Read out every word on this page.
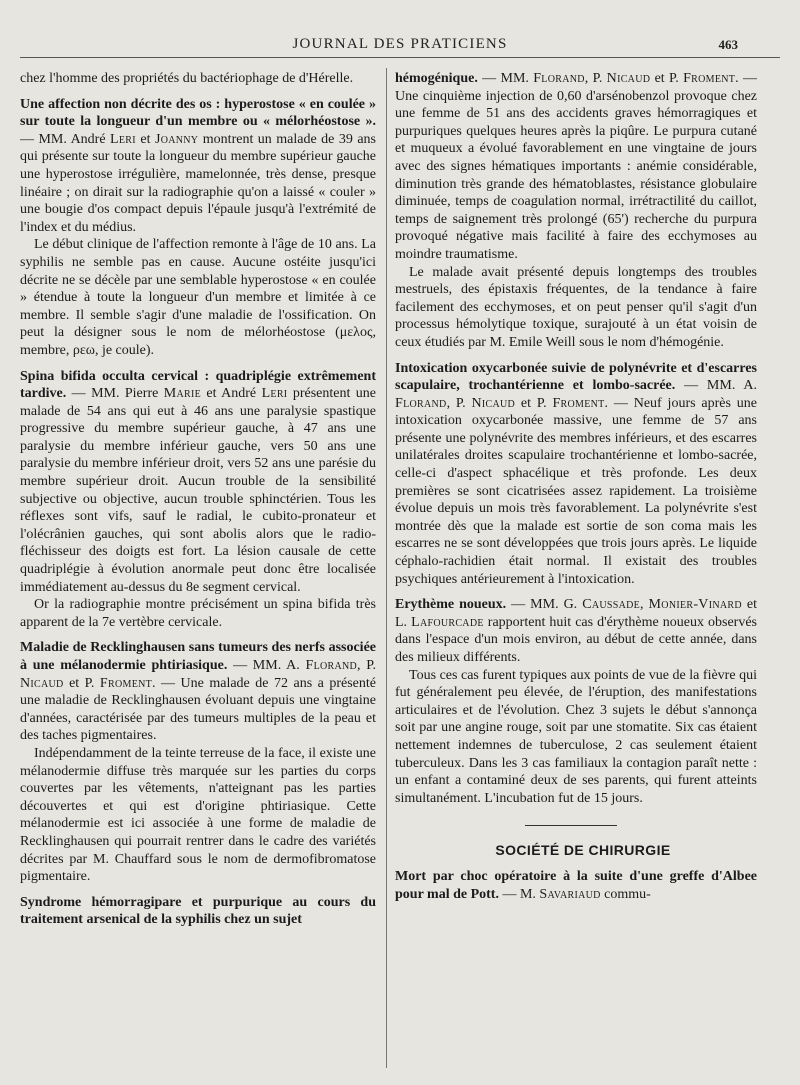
JOURNAL DES PRATICIENS	463

chez l'homme des propriétés du bactériophage de d'Hérelle.

Une affection non décrite des os : hyperostose « en coulée » sur toute la longueur d'un membre ou « mélorhéostose ». — MM. André Leri et Joanny montrent un malade de 39 ans qui présente sur toute la longueur du membre supérieur gauche une hyperostose irrégulière, mamelonnée, très dense, presque linéaire ; on dirait sur la radiographie qu'on a laissé « couler » une bougie d'os compact depuis l'épaule jusqu'à l'extrémité de l'index et du médius.

Le début clinique de l'affection remonte à l'âge de 10 ans. La syphilis ne semble pas en cause. Aucune ostéite jusqu'ici décrite ne se décèle par une semblable hyperostose « en coulée » étendue à toute la longueur d'un membre et limitée à ce membre. Il semble s'agir d'une maladie de l'ossification. On peut la désigner sous le nom de mélorhéostose (μελος, membre, ρεω, je coule).

Spina bifida occulta cervical : quadriplégie extrêmement tardive. — MM. Pierre Marie et André Leri présentent une malade de 54 ans qui eut à 46 ans une paralysie spastique progressive du membre supérieur gauche, à 47 ans une paralysie du membre inférieur gauche, vers 50 ans une paralysie du membre inférieur droit, vers 52 ans une parésie du membre supérieur droit. Aucun trouble de la sensibilité subjective ou objective, aucun trouble sphinctérien. Tous les réflexes sont vifs, sauf le radial, le cubito-pronateur et l'olécrânien gauches, qui sont abolis alors que le radio-fléchisseur des doigts est fort. La lésion causale de cette quadriplégie à évolution anormale peut donc être localisée immédiatement au-dessus du 8e segment cervical.

Or la radiographie montre précisément un spina bifida très apparent de la 7e vertèbre cervicale.

Maladie de Recklinghausen sans tumeurs des nerfs associée à une mélanodermie phtiriasique. — MM. A. Florand, P. Nicaud et P. Froment. — Une malade de 72 ans a présenté une maladie de Recklinghausen évoluant depuis une vingtaine d'années, caractérisée par des tumeurs multiples de la peau et des taches pigmentaires.

Indépendamment de la teinte terreuse de la face, il existe une mélanodermie diffuse très marquée sur les parties du corps couvertes par les vêtements, n'atteignant pas les parties découvertes et qui est d'origine phtiriasique. Cette mélanodermie est ici associée à une forme de maladie de Recklinghausen qui pourrait rentrer dans le cadre des variétés décrites par M. Chauffard sous le nom de dermofibromatose pigmentaire.

Syndrome hémorragipare et purpurique au cours du traitement arsenical de la syphilis chez un sujet

hémogénique. — MM. Florand, P. Nicaud et P. Froment. — Une cinquième injection de 0,60 d'arsénobenzol provoque chez une femme de 51 ans des accidents graves hémorragiques et purpuriques quelques heures après la piqûre. Le purpura cutané et muqueux a évolué favorablement en une vingtaine de jours avec des signes hématiques importants : anémie considérable, diminution très grande des hématoblastes, résistance globulaire diminuée, temps de coagulation normal, irrétractilité du caillot, temps de saignement très prolongé (65') recherche du purpura provoqué négative mais facilité à faire des ecchymoses au moindre traumatisme.

Le malade avait présenté depuis longtemps des troubles mestruels, des épistaxis fréquentes, de la tendance à faire facilement des ecchymoses, et on peut penser qu'il s'agit d'un processus hémolytique toxique, surajouté à un état voisin de ceux étudiés par M. Emile Weill sous le nom d'hémogénie.

Intoxication oxycarbonée suivie de polynévrite et d'escarres scapulaire, trochantérienne et lombo-sacrée. — MM. A. Florand, P. Nicaud et P. Froment. — Neuf jours après une intoxication oxycarbonée massive, une femme de 57 ans présente une polynévrite des membres inférieurs, et des escarres unilatérales droites scapulaire trochantérienne et lombo-sacrée, celle-ci d'aspect sphacélique et très profonde. Les deux premières se sont cicatrisées assez rapidement. La troisième évolue depuis un mois très favorablement. La polynévrite s'est montrée dès que la malade est sortie de son coma mais les escarres ne se sont développées que trois jours après. Le liquide céphalo-rachidien était normal. Il existait des troubles psychiques antérieurement à l'intoxication.

Erythème noueux. — MM. G. Caussade, Monier-Vinard et L. Lafourcade rapportent huit cas d'érythème noueux observés dans l'espace d'un mois environ, au début de cette année, dans des milieux différents.

Tous ces cas furent typiques aux points de vue de la fièvre qui fut généralement peu élevée, de l'éruption, des manifestations articulaires et de l'évolution. Chez 3 sujets le début s'annonça soit par une angine rouge, soit par une stomatite. Six cas étaient nettement indemnes de tuberculose, 2 cas seulement étaient tuberculeux. Dans les 3 cas familiaux la contagion paraît nette : un enfant a contaminé deux de ses parents, qui furent atteints simultanément. L'incubation fut de 15 jours.

SOCIÉTÉ DE CHIRURGIE

Mort par choc opératoire à la suite d'une greffe d'Albee pour mal de Pott. — M. Savariaud commu-
